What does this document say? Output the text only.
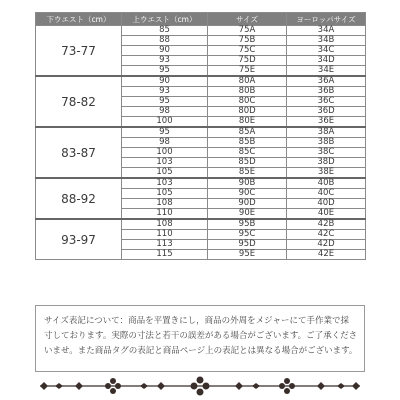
下ウエスト（cm）	上ウエスト（cm）	サイズ	ヨーロッパサイズ
73-77	85	75A	34A
	88	75B	34B
	90	75C	34C
	93	75D	34D
	95	75E	34E
78-82	90	80A	36A
	93	80B	36B
	95	80C	36C
	98	80D	36D
	100	80E	36E
83-87	95	85A	38A
	98	85B	38B
	100	85C	38C
	103	85D	38D
	105	85E	38E
88-92	103	90B	40B
	105	90C	40C
	108	90D	40D
	110	90E	40E
93-97	108	95B	42B
	110	95C	42C
	113	95D	42D
	115	95E	42E

サイズ表記について：商品を平置きにし，商品の外周をメジャーにて手作業で採

寸しております。実際の寸法と若干の誤差がある場合がございます。ご了承くださ

いませ。また商品タグの表記と商品ページ上の表記とは異なる場合がございます。
